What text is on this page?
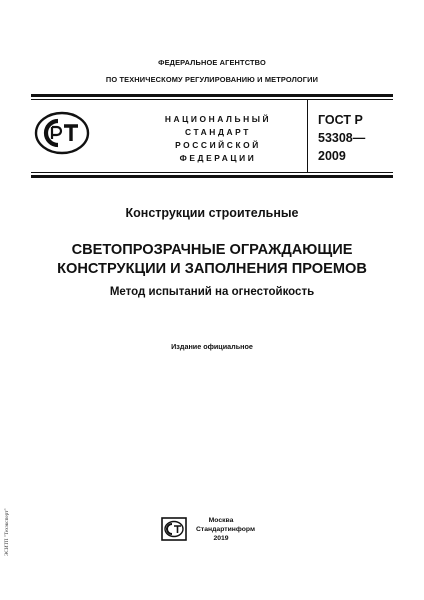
ФЕДЕРАЛЬНОЕ АГЕНТСТВО
ПО ТЕХНИЧЕСКОМУ РЕГУЛИРОВАНИЮ И МЕТРОЛОГИИ
НАЦИОНАЛЬНЫЙ
СТАНДАРТ
РОССИЙСКОЙ
ФЕДЕРАЦИИ
ГОСТ Р
53308—
2009
Конструкции строительные
СВЕТОПРОЗРАЧНЫЕ ОГРАЖДАЮЩИЕ
КОНСТРУКЦИИ И ЗАПОЛНЕНИЯ ПРОЕМОВ
Метод испытаний на огнестойкость
Издание официальное
Москва
Стандартинформ
2019
ЭСИТП "Техэксперт"
